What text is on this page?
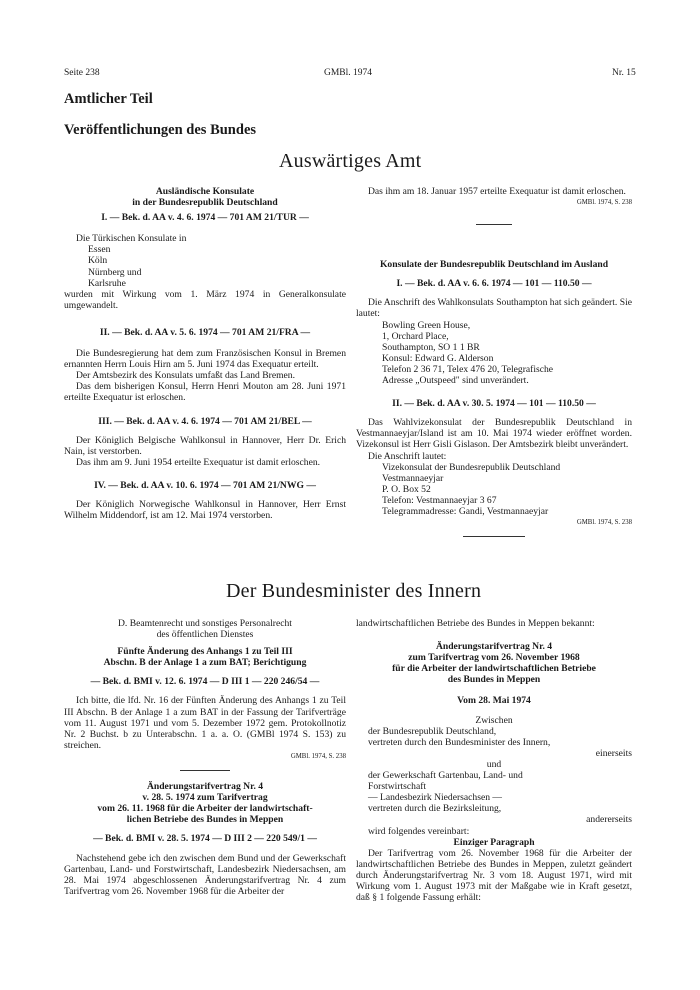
Seite 238	GMBl. 1974	Nr. 15
Amtlicher Teil
Veröffentlichungen des Bundes
Auswärtiges Amt

Ausländische Konsulate

in der Bundesrepublik Deutschland

I. — Bek. d. AA v. 4. 6. 1974 — 701 AM 21/TUR —

Die Türkischen Konsulate in

Essen

Köln

Nürnberg und

Karlsruhe

wurden mit Wirkung vom 1. März 1974 in Generalkonsulate umgewandelt.

II. — Bek. d. AA v. 5. 6. 1974 — 701 AM 21/FRA —

Die Bundesregierung hat dem zum Französischen Konsul in Bremen ernannten Herrn Louis Hirn am 5. Juni 1974 das Exequatur erteilt.

Der Amtsbezirk des Konsulats umfaßt das Land Bremen.

Das dem bisherigen Konsul, Herrn Henri Mouton am 28. Juni 1971 erteilte Exequatur ist erloschen.

III. — Bek. d. AA v. 4. 6. 1974 — 701 AM 21/BEL —

Der Königlich Belgische Wahlkonsul in Hannover, Herr Dr. Erich Nain, ist verstorben.

Das ihm am 9. Juni 1954 erteilte Exequatur ist damit erloschen.

IV. — Bek. d. AA v. 10. 6. 1974 — 701 AM 21/NWG —

Der Königlich Norwegische Wahlkonsul in Hannover, Herr Ernst Wilhelm Middendorf, ist am 12. Mai 1974 verstorben.

Das ihm am 18. Januar 1957 erteilte Exequatur ist damit erloschen.

GMBl. 1974, S. 238

Konsulate der Bundesrepublik Deutschland im Ausland

I. — Bek. d. AA v. 6. 6. 1974 — 101 — 110.50 —

Die Anschrift des Wahlkonsulats Southampton hat sich geändert. Sie lautet:

Bowling Green House,

1, Orchard Place,

Southampton, SO 1 1 BR

Konsul: Edward G. Alderson

Telefon 2 36 71, Telex 476 20, Telegrafische

Adresse „Outspeed" sind unverändert.

II. — Bek. d. AA v. 30. 5. 1974 — 101 — 110.50 —

Das Wahlvizekonsulat der Bundesrepublik Deutschland in Vestmannaeyjar/Island ist am 10. Mai 1974 wieder eröffnet worden. Vizekonsul ist Herr Gisli Gislason. Der Amtsbezirk bleibt unverändert.

Die Anschrift lautet:

Vizekonsulat der Bundesrepublik Deutschland

Vestmannaeyjar

P. O. Box 52

Telefon: Vestmannaeyjar 3 67

Telegrammadresse: Gandi, Vestmannaeyjar

GMBl. 1974, S. 238

Der Bundesminister des Innern

D. Beamtenrecht und sonstiges Personalrecht

des öffentlichen Dienstes

Fünfte Änderung des Anhangs 1 zu Teil III

Abschn. B der Anlage 1 a zum BAT; Berichtigung

— Bek. d. BMI v. 12. 6. 1974 — D III 1 — 220 246/54 —

Ich bitte, die lfd. Nr. 16 der Fünften Änderung des Anhangs 1 zu Teil III Abschn. B der Anlage 1 a zum BAT in der Fassung der Tarifverträge vom 11. August 1971 und vom 5. Dezember 1972 gem. Protokollnotiz Nr. 2 Buchst. b zu Unterabschn. 1 a. a. O. (GMBl 1974 S. 153) zu streichen.

GMBl. 1974, S. 238

Änderungstarifvertrag Nr. 4

v. 28. 5. 1974 zum Tarifvertrag

vom 26. 11. 1968 für die Arbeiter der landwirtschaft-

lichen Betriebe des Bundes in Meppen

— Bek. d. BMI v. 28. 5. 1974 — D III 2 — 220 549/1 —

Nachstehend gebe ich den zwischen dem Bund und der Gewerkschaft Gartenbau, Land- und Forstwirtschaft, Landesbezirk Niedersachsen, am 28. Mai 1974 abgeschlossenen Änderungstarifvertrag Nr. 4 zum Tarifvertrag vom 26. November 1968 für die Arbeiter der

landwirtschaftlichen Betriebe des Bundes in Meppen bekannt:

Änderungstarifvertrag Nr. 4

zum Tarifvertrag vom 26. November 1968

für die Arbeiter der landwirtschaftlichen Betriebe

des Bundes in Meppen

Vom 28. Mai 1974

Zwischen

der Bundesrepublik Deutschland,

vertreten durch den Bundesminister des Innern,

einerseits

und

der Gewerkschaft Gartenbau, Land- und

Forstwirtschaft

— Landesbezirk Niedersachsen —

vertreten durch die Bezirksleitung,

andererseits

wird folgendes vereinbart:

Einziger Paragraph

Der Tarifvertrag vom 26. November 1968 für die Arbeiter der landwirtschaftlichen Betriebe des Bundes in Meppen, zuletzt geändert durch Änderungstarifvertrag Nr. 3 vom 18. August 1971, wird mit Wirkung vom 1. August 1973 mit der Maßgabe wie in Kraft gesetzt, daß § 1 folgende Fassung erhält:
